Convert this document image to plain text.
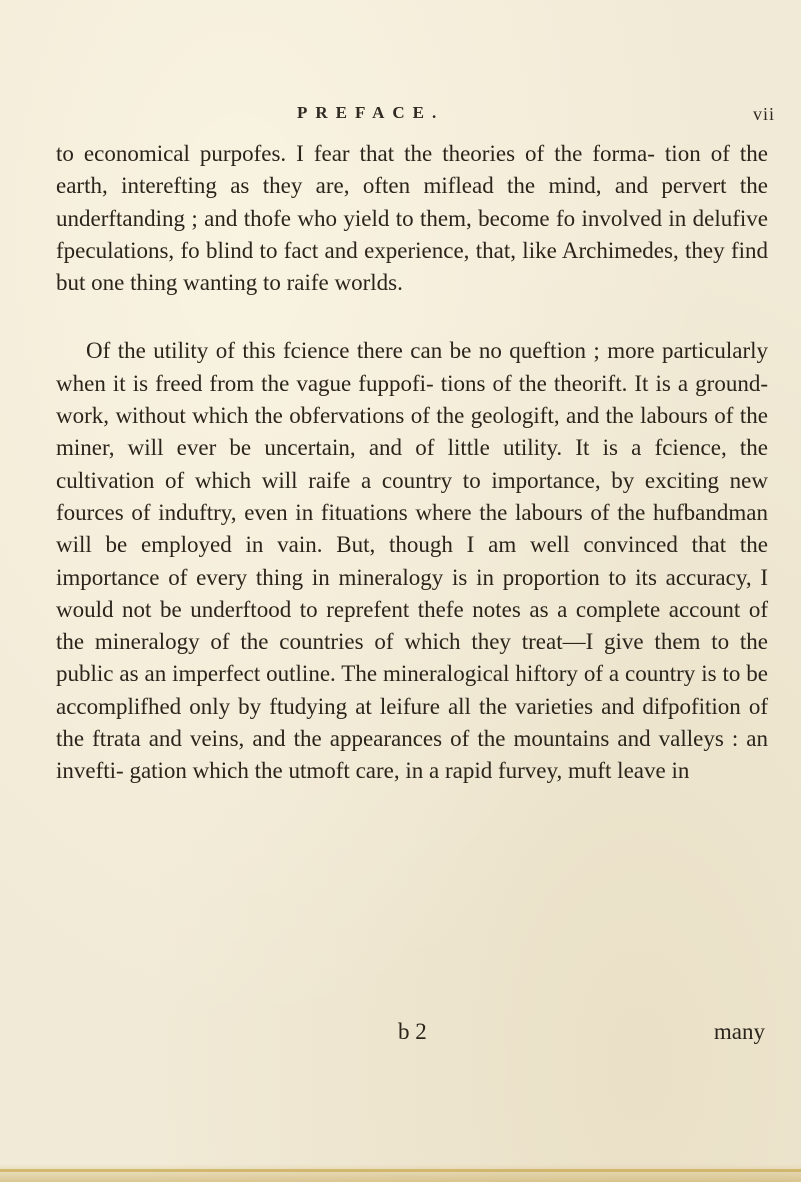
PREFACE.	vii

to economical purpofes. I fear that the theories of the forma- tion of the earth, interefting as they are, often miflead the mind, and pervert the underftanding ; and thofe who yield to them, become fo involved in delufive fpeculations, fo blind to fact and experience, that, like Archimedes, they find but one thing wanting to raife worlds.

Of the utility of this fcience there can be no queftion ; more particularly when it is freed from the vague fuppofi- tions of the theorift. It is a ground-work, without which the obfervations of the geologift, and the labours of the miner, will ever be uncertain, and of little utility. It is a fcience, the cultivation of which will raife a country to importance, by exciting new fources of induftry, even in fituations where the labours of the hufbandman will be employed in vain. But, though I am well convinced that the importance of every thing in mineralogy is in proportion to its accuracy, I would not be underftood to reprefent thefe notes as a complete account of the mineralogy of the countries of which they treat—I give them to the public as an imperfect outline. The mineralogical hiftory of a country is to be accomplifhed only by ftudying at leifure all the varieties and difpofition of the ftrata and veins, and the appearances of the mountains and valleys : an invefti- gation which the utmoft care, in a rapid furvey, muft leave in

b 2	many
